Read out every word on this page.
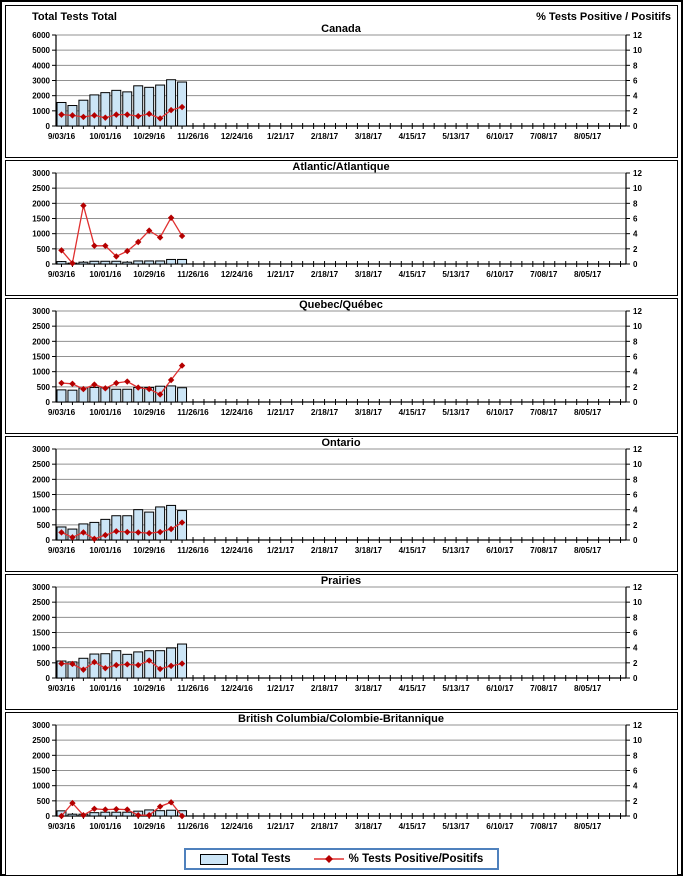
Total Tests Total	% Tests Positive / Positifs
0	0
1000	2
2000	4
3000	6
4000	8
5000	10
6000	12
9/03/16 10/01/16 10/29/16 11/26/16 12/24/16 1/21/17 2/18/17 3/18/17 4/15/17 5/13/17 6/10/17 7/08/17 8/05/17
Canada
0	0
500	2
1000	4
1500	6
2000	8
2500	10
3000	12
9/03/16 10/01/16 10/29/16 11/26/16 12/24/16 1/21/17 2/18/17 3/18/17 4/15/17 5/13/17 6/10/17 7/08/17 8/05/17
Atlantic/Atlantique
0	0
500	2
1000	4
1500	6
2000	8
2500	10
3000	12
9/03/16 10/01/16 10/29/16 11/26/16 12/24/16 1/21/17 2/18/17 3/18/17 4/15/17 5/13/17 6/10/17 7/08/17 8/05/17
Quebec/Québec
0	0
500	2
1000	4
1500	6
2000	8
2500	10
3000	12
9/03/16 10/01/16 10/29/16 11/26/16 12/24/16 1/21/17 2/18/17 3/18/17 4/15/17 5/13/17 6/10/17 7/08/17 8/05/17
Ontario
0	0
500	2
1000	4
1500	6
2000	8
2500	10
3000	12
9/03/16 10/01/16 10/29/16 11/26/16 12/24/16 1/21/17 2/18/17 3/18/17 4/15/17 5/13/17 6/10/17 7/08/17 8/05/17
Prairies
0	0
500	2
1000	4
1500	6
2000	8
2500	10
3000	12
9/03/16 10/01/16 10/29/16 11/26/16 12/24/16 1/21/17 2/18/17 3/18/17 4/15/17 5/13/17 6/10/17 7/08/17 8/05/17
British Columbia/Colombie-Britannique
Total Tests	% Tests Positive/Positifs
